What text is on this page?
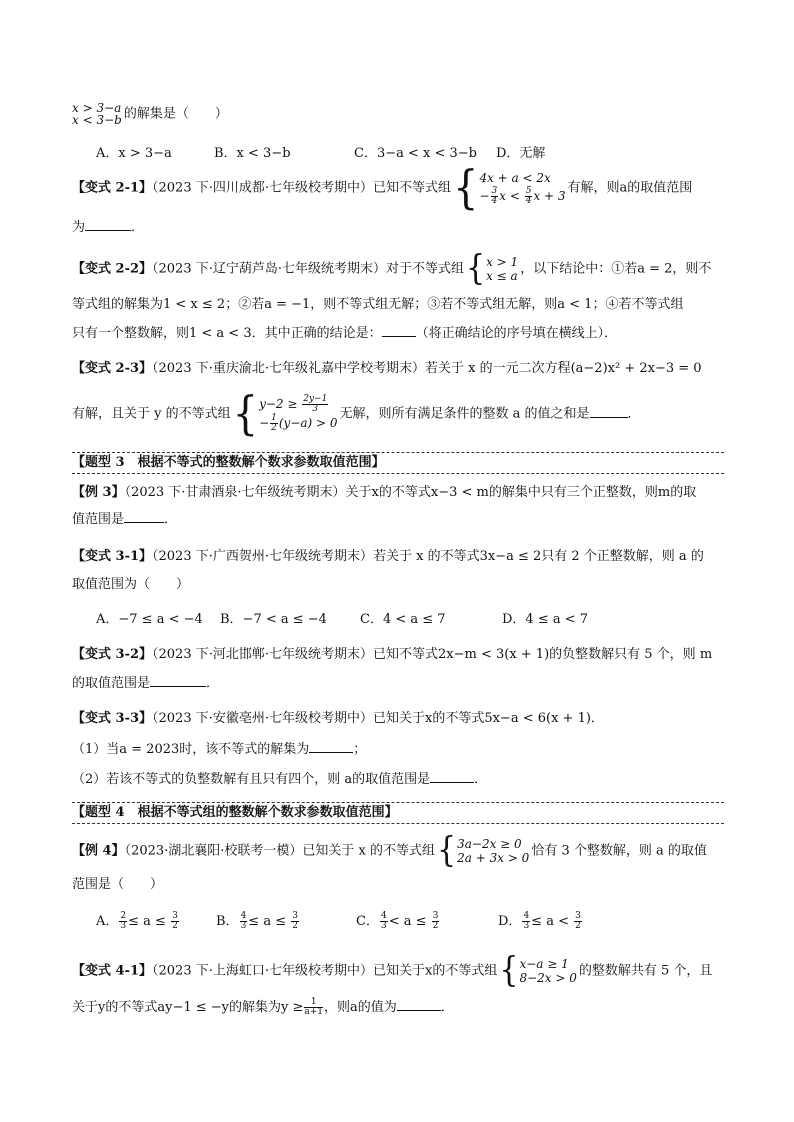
x > 3−a
x < 3−b 的解集是（　　）
A．x > 3−a	B．x < 3−b	C．3−a < x < 3−b	D．无解
【变式 2-1】（2023 下·四川成都·七年级校考期中）已知不等式组 { 4x + a < 2x
− $\frac{3}{4}$ $x < \frac{5}{4}$ x + 3
有解，则a的取值范围
为	．
【变式 2-2】（2023 下·辽宁葫芦岛·七年级统考期末）对于不等式组 { x > 1
x ≤ a ，以下结论中：①若a = 2，则不
等式组的解集为1 < x ≤ 2；②若a = −1，则不等式组无解；③若不等式组无解，则a < 1；④若不等式组
只有一个整数解，则1 < a < 3．其中正确的结论是：	（将正确结论的序号填在横线上）．
【变式 2-3】（2023 下·重庆渝北·七年级礼嘉中学校考期末）若关于 x 的一元二次方程(a−2)x² + 2x−3 = 0
有解，且关于 y 的不等式组 { $y-2 \ge \frac{2y-1}{3}$
− $\frac{1}{2} (y-a) > 0$
无解，则所有满足条件的整数 a 的值之和是	．
【题型 3　根据不等式的整数解个数求参数取值范围】
【例 3】（2023 下·甘肃酒泉·七年级统考期末）关于x的不等式x−3 < m的解集中只有三个正整数，则m的取
值范围是	．
【变式 3-1】（2023 下·广西贺州·七年级统考期末）若关于 x 的不等式3x−a ≤ 2只有 2 个正整数解，则 a 的
取值范围为（　　）
A．−7 ≤ a < −4	B．−7 < a ≤ −4	C．4 < a ≤ 7	D．4 ≤ a < 7
【变式 3-2】（2023 下·河北邯郸·七年级统考期末）已知不等式2x−m < 3(x + 1)的负整数解只有 5 个，则 m
的取值范围是	．
【变式 3-3】（2023 下·安徽亳州·七年级校考期中）已知关于x的不等式5x−a < 6(x + 1)．
（1）当a = 2023时，该不等式的解集为	；
（2）若该不等式的负整数解有且只有四个，则 a的取值范围是	．
【题型 4　根据不等式组的整数解个数求参数取值范围】
【例 4】（2023·湖北襄阳·校联考一模）已知关于 x 的不等式组 { 3a−2x ≥ 0
2a + 3x > 0 恰有 3 个整数解，则 a 的取值
范围是（　　）
A． $\frac{2}{3} \le a \le \frac{3}{2}$	B． $\frac{4}{3} \le a \le \frac{3}{2}$	C． $\frac{4}{3} < a \le \frac{3}{2}$	D． $\frac{4}{3} \le a < \frac{3}{2}$
【变式 4-1】（2023 下·上海虹口·七年级校考期中）已知关于x的不等式组 { x−a ≥ 1
8−2x > 0 的整数解共有 5 个，且
关于y的不等式ay−1 ≤ −y的解集为$y \ge \frac{1}{a+1}$ ，则a的值为	．
